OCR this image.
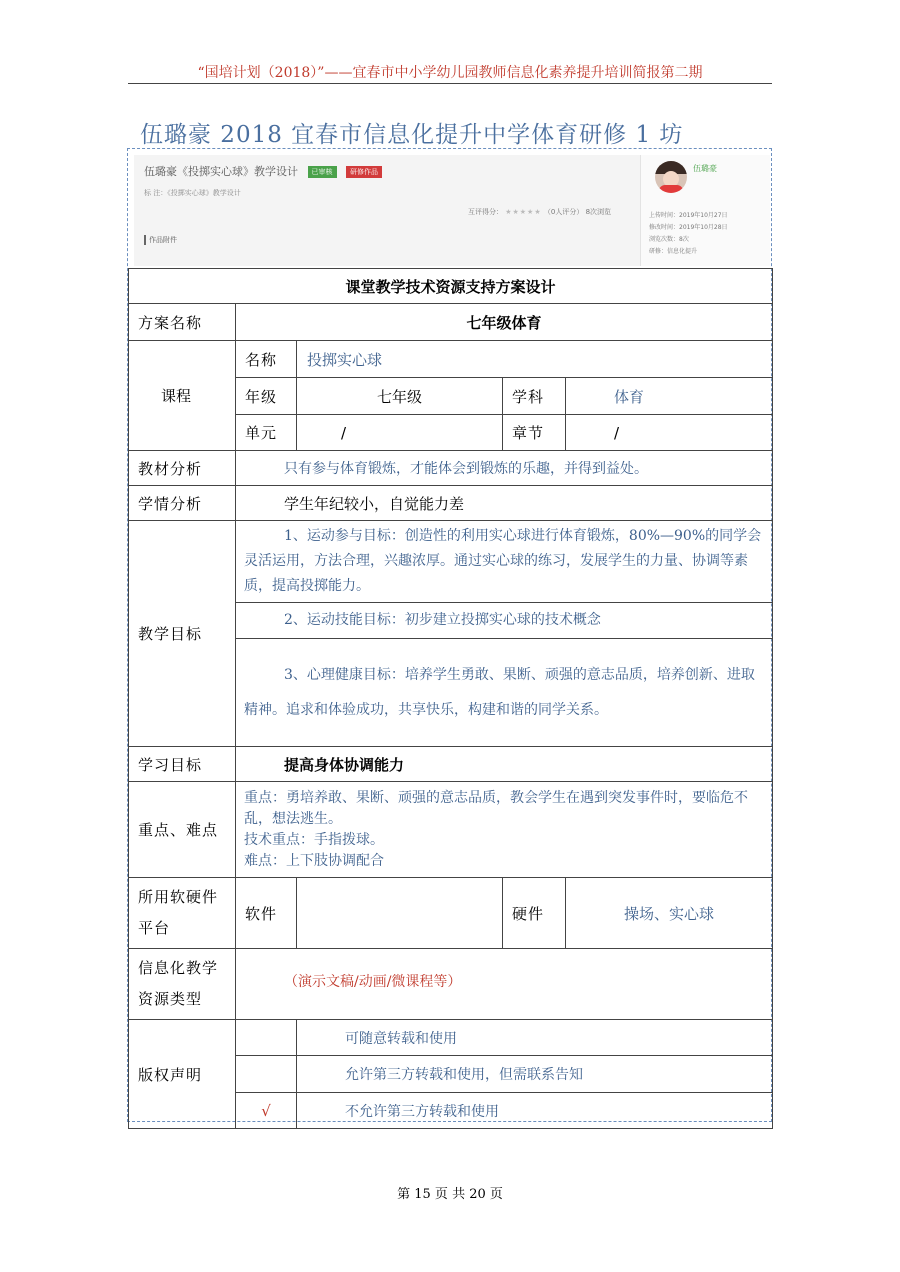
“国培计划（2018）”——宜春市中小学幼儿园教师信息化素养提升培训简报第二期
伍璐豪 2018 宜春市信息化提升中学体育研修 1 坊
伍璐豪《投掷实心球》教学设计 已审核	研修作品
标 注：《投掷实心球》教学设计
互评得分： ★★★★★ （0人评分） 8次浏览
作品附件
伍璐豪
上传时间：2019年10月27日
修改时间：2019年10月28日
浏览次数：8次
研修：信息化提升
课堂教学技术资源支持方案设计				
方案名称	七年级体育			
课程	名称	投掷实心球		
	年级	七年级	学科	体育
	单元	/	章节	/
教材分析	只有参与体育锻炼，才能体会到锻炼的乐趣，并得到益处。			
学情分析	学生年纪较小，自觉能力差			
教学目标	1、运动参与目标：创造性的利用实心球进行体育锻炼，80%—90%的同学会灵活运用，方法合理，兴趣浓厚。通过实心球的练习，发展学生的力量、协调等素质，提高投掷能力。			
	2、运动技能目标：初步建立投掷实心球的技术概念			
	3、心理健康目标：培养学生勇敢、果断、顽强的意志品质，培养创新、进取精神。追求和体验成功，共享快乐，构建和谐的同学关系。			
学习目标	提高身体协调能力			
重点、难点	重点：勇培养敢、果断、顽强的意志品质，教会学生在遇到突发事件时，要临危不乱，想法逃生。
技术重点：手指拨球。
难点：上下肢协调配合			

所用软硬件平台	软件		硬件	操场、实心球
信息化教学资源类型	（演示文稿/动画/微课程等）			
版权声明		可随意转载和使用		
		允许第三方转载和使用，但需联系告知		
	√	不允许第三方转载和使用		
第 15 页 共 20 页
